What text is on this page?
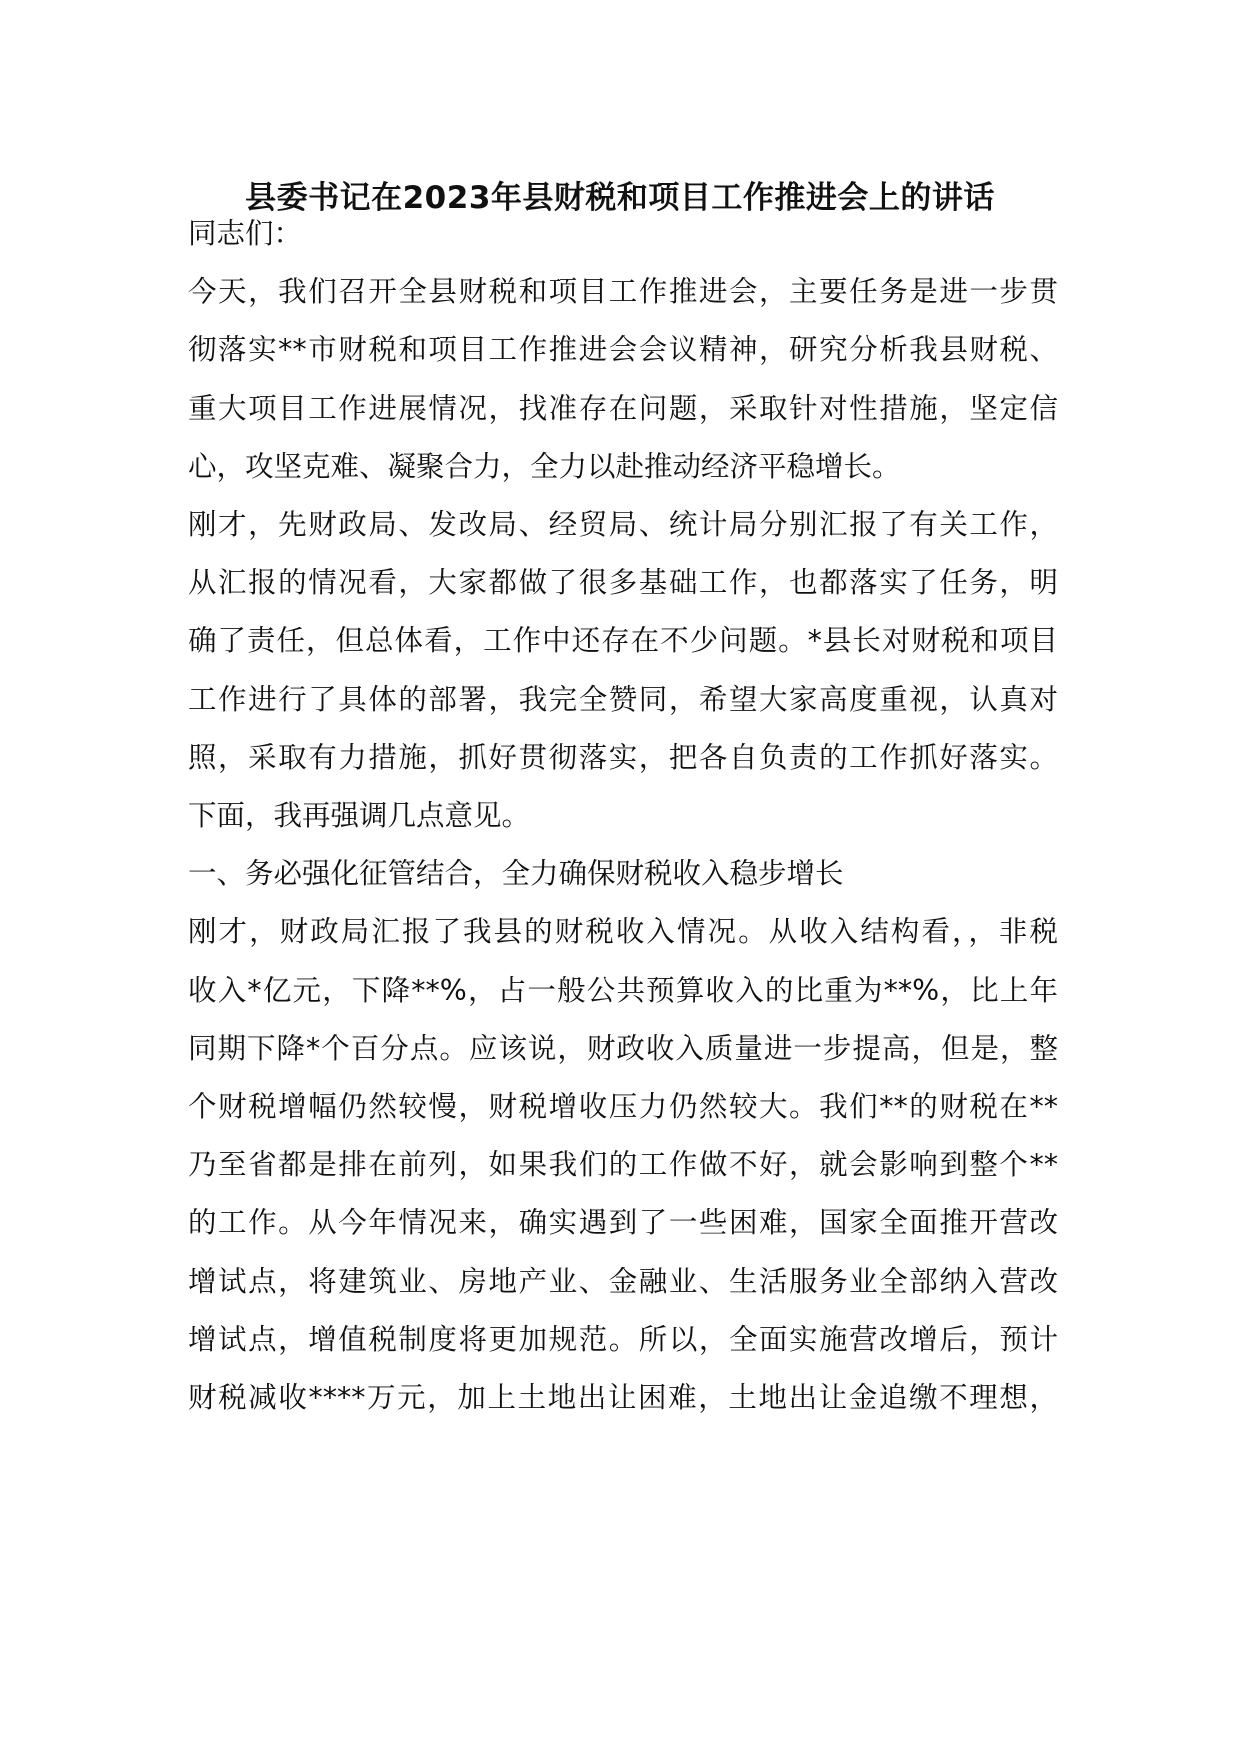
县委书记在2023年县财税和项目工作推进会上的讲话
同志们：
今天，我们召开全县财税和项目工作推进会，主要任务是进一步贯
彻落实**市财税和项目工作推进会会议精神，研究分析我县财税、
重大项目工作进展情况，找准存在问题，采取针对性措施，坚定信
心，攻坚克难、凝聚合力，全力以赴推动经济平稳增长。
刚才，先财政局、发改局、经贸局、统计局分别汇报了有关工作，
从汇报的情况看，大家都做了很多基础工作，也都落实了任务，明
确了责任，但总体看，工作中还存在不少问题。*县长对财税和项目
工作进行了具体的部署，我完全赞同，希望大家高度重视，认真对
照，采取有力措施，抓好贯彻落实，把各自负责的工作抓好落实。
下面，我再强调几点意见。
一、务必强化征管结合，全力确保财税收入稳步增长
刚才，财政局汇报了我县的财税收入情况。从收入结构看，，非税
收入*亿元，下降**%，占一般公共预算收入的比重为**%，比上年
同期下降*个百分点。应该说，财政收入质量进一步提高，但是，整
个财税增幅仍然较慢，财税增收压力仍然较大。我们**的财税在**
乃至省都是排在前列，如果我们的工作做不好，就会影响到整个**
的工作。从今年情况来，确实遇到了一些困难，国家全面推开营改
增试点，将建筑业、房地产业、金融业、生活服务业全部纳入营改
增试点，增值税制度将更加规范。所以，全面实施营改增后，预计
财税减收****万元，加上土地出让困难，土地出让金追缴不理想，
